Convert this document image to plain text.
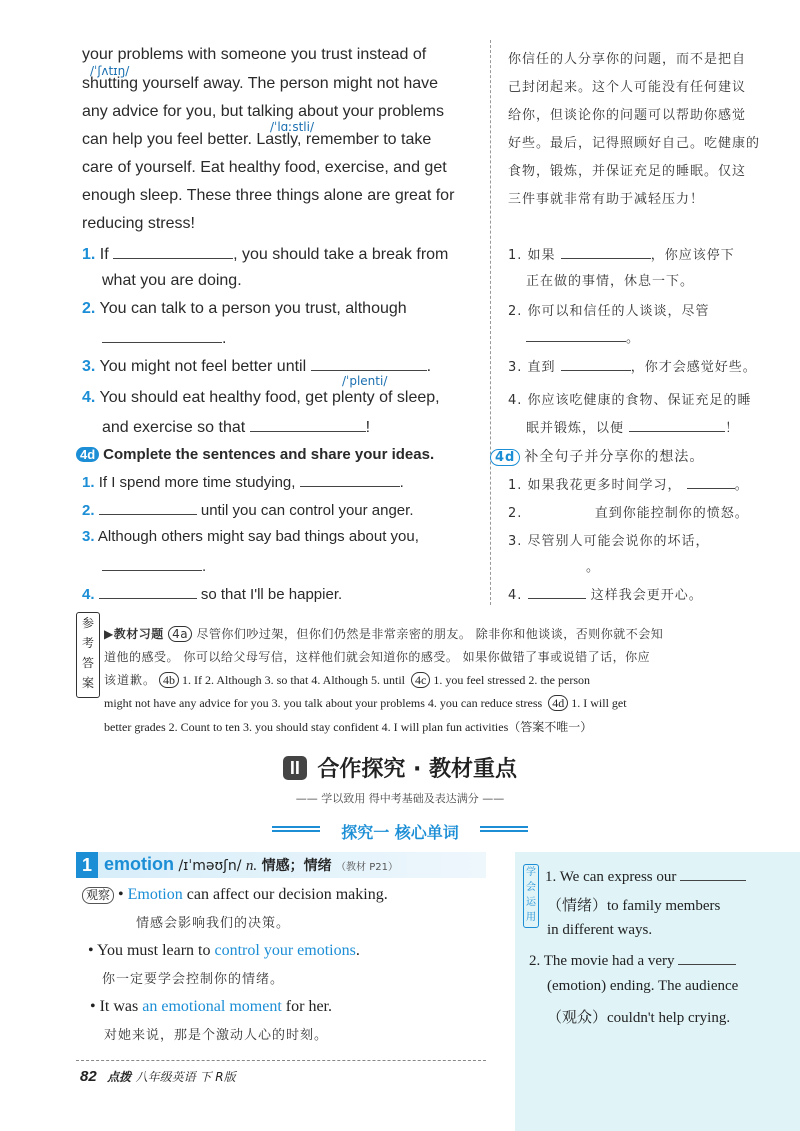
your problems with someone you trust instead of
/ˈʃʌtɪŋ/
shutting yourself away. The person might not have
any advice for you, but talking about your problems
/ˈlɑːstli/
can help you feel better. Lastly, remember to take
care of yourself. Eat healthy food, exercise, and get
enough sleep. These three things alone are great for
reducing stress!
你信任的人分享你的问题，而不是把自
己封闭起来。这个人可能没有任何建议
给你，但谈论你的问题可以帮助你感觉
好些。最后，记得照顾好自己。吃健康的
食物，锻炼，并保证充足的睡眠。仅这
三件事就非常有助于减轻压力！
1. If	, you should take a break from
what you are doing.
2. You can talk to a person you trust, although
.
3. You might not feel better until	.
/ˈplenti/
4. You should eat healthy food, get plenty of sleep,
and exercise so that	!
1. 如果	，你应该停下
正在做的事情，休息一下。
2. 你可以和信任的人谈谈，尽管
。
3. 直到	，你才会感觉好些。
4. 你应该吃健康的食物、保证充足的睡
眠并锻炼，以便	！
4d Complete the sentences and share your ideas.	4d 补全句子并分享你的想法。
1. If I spend more time studying,	.
2.	until you can control your anger.
3. Although others might say bad things about you,
.
4.	so that I'll be happier.
1. 如果我花更多时间学习，	。
2.	直到你能控制你的愤怒。
3. 尽管别人可能会说你的坏话，
。
4.	这样我会更开心。
参
考
答
案
▶教材习题 4a 尽管你们吵过架，但你们仍然是非常亲密的朋友。 除非你和他谈谈，否则你就不会知
道他的感受。 你可以给父母写信，这样他们就会知道你的感受。 如果你做错了事或说错了话，你应
该道歉。 4b 1. If 2. Although 3. so that 4. Although 5. until 4c 1. you feel stressed 2. the person
might not have any advice for you 3. you talk about your problems 4. you can reduce stress 4d 1. I will get
better grades 2. Count to ten 3. you should stay confident 4. I will plan fun activities（答案不唯一）
II 合作探究 · 教材重点
—— 学以致用 得中考基础及表达满分 ——
探究一 核心单词
1 emotion /ɪˈməʊʃn/ n. 情感；情绪 （教材 P21）
观察 • Emotion can affect our decision making.
情感会影响我们的决策。
• You must learn to control your emotions.
你一定要学会控制你的情绪。
• It was an emotional moment for her.
对她来说，那是个激动人心的时刻。
学
会
运
用
1. We can express our
（情绪）to family members
in different ways.
2. The movie had a very
(emotion) ending. The audience
（观众）couldn't help crying.
82 点拨 八年级英语 下 R版
